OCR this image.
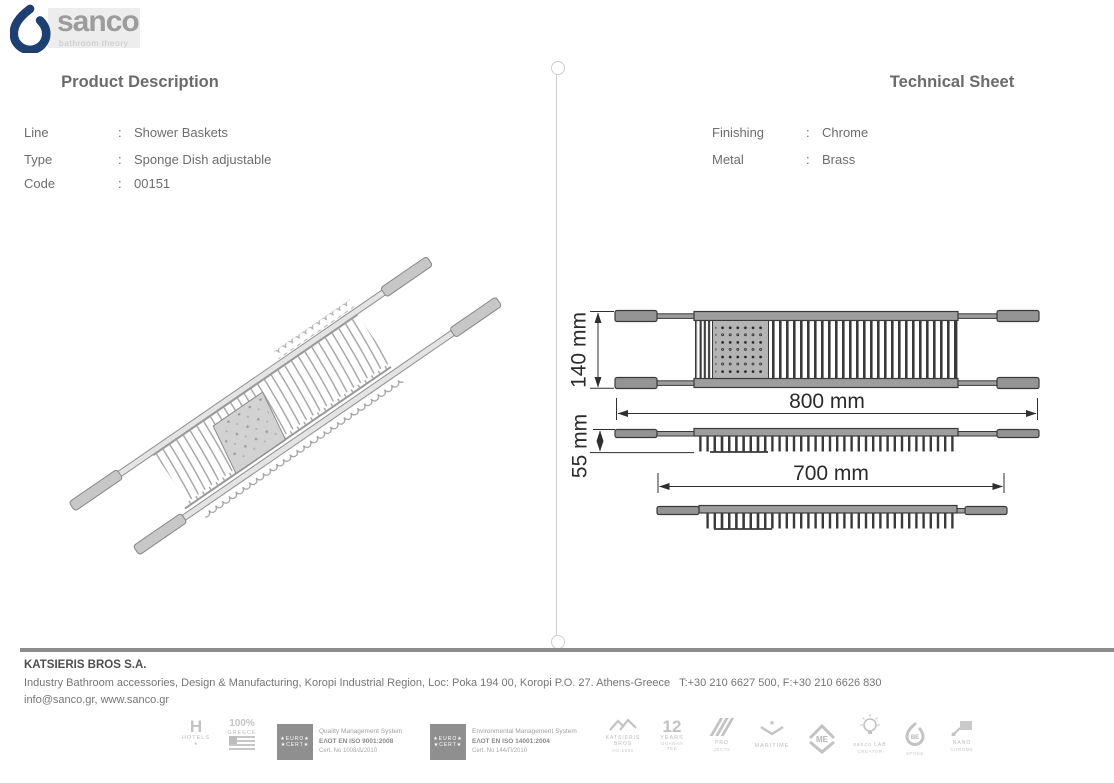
sanco
bathroom theory
Product Description
Line	: Shower Baskets
Type	: Sponge Dish adjustable
Code	: 00151
Technical Sheet
Finishing	: Chrome
Metal	: Brass
140 mm
800 mm
55 mm	700 mm
KATSIERIS BROS S.A.
Industry Bathroom accessories, Design & Manufacturing, Koropi Industrial Region, Loc: Poka 194 00, Koropi P.O. 27. Athens-Greece   T:+30 210 6627 500, F:+30 210 6626 830
info@sanco.gr, www.sanco.gr
H
HOTELS
★
100%
GREECE
★EURO★
★CERT★
Quality Management System
ΕΛΟΤ EN ISO 9001:2008
Cert. No 1008/Δ/2010
★EURO★
★CERT★
Environmental Management System
ΕΛΟΤ EN ISO 14001:2004
Cert. No 144/Π/2010
KATSIERIS
BROS
est.1980
12
YEARS
GUARAN
TEE
PRO
JECTS
★
MARITIME
ME
sanco LAB
CREATOR
BE
SPOKE
NANO
CHROME
